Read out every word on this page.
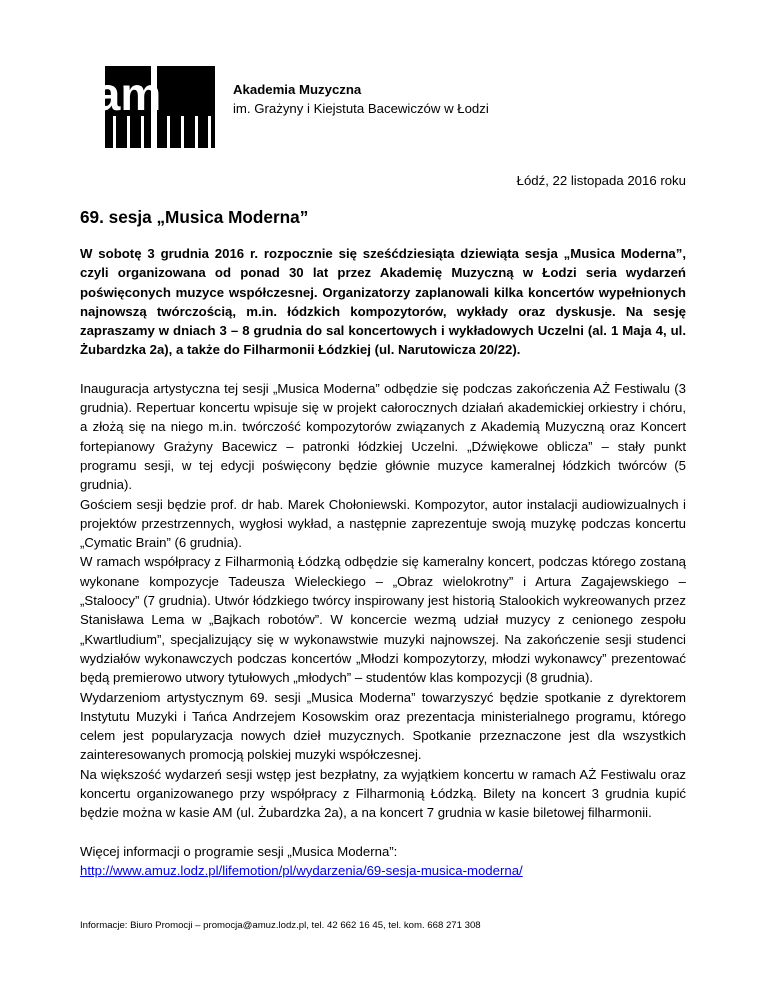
am	Akademia Muzyczna
im. Grażyny i Kiejstuta Bacewiczów w Łodzi
Łódź, 22 listopada 2016 roku
69. sesja „Musica Moderna”

W sobotę 3 grudnia 2016 r. rozpocznie się sześćdziesiąta dziewiąta sesja „Musica Moderna”, czyli organizowana od ponad 30 lat przez Akademię Muzyczną w Łodzi seria wydarzeń poświęconych muzyce współczesnej. Organizatorzy zaplanowali kilka koncertów wypełnionych najnowszą twórczością, m.in. łódzkich kompozytorów, wykłady oraz dyskusje. Na sesję zapraszamy w dniach 3 – 8 grudnia do sal koncertowych i wykładowych Uczelni (al. 1 Maja 4, ul. Żubardzka 2a), a także do Filharmonii Łódzkiej (ul. Narutowicza 20/22).

Inauguracja artystyczna tej sesji „Musica Moderna” odbędzie się podczas zakończenia AŻ Festiwalu (3 grudnia). Repertuar koncertu wpisuje się w projekt całorocznych działań akademickiej orkiestry i chóru, a złożą się na niego m.in. twórczość kompozytorów związanych z Akademią Muzyczną oraz Koncert fortepianowy Grażyny Bacewicz – patronki łódzkiej Uczelni. „Dźwiękowe oblicza” – stały punkt programu sesji, w tej edycji poświęcony będzie głównie muzyce kameralnej łódzkich twórców (5 grudnia).

Gościem sesji będzie prof. dr hab. Marek Chołoniewski. Kompozytor, autor instalacji audiowizualnych i projektów przestrzennych, wygłosi wykład, a następnie zaprezentuje swoją muzykę podczas koncertu „Cymatic Brain” (6 grudnia).

W ramach współpracy z Filharmonią Łódzką odbędzie się kameralny koncert, podczas którego zostaną wykonane kompozycje Tadeusza Wieleckiego – „Obraz wielokrotny” i Artura Zagajewskiego – „Staloocy” (7 grudnia). Utwór łódzkiego twórcy inspirowany jest historią Stalookich wykreowanych przez Stanisława Lema w „Bajkach robotów”. W koncercie wezmą udział muzycy z cenionego zespołu „Kwartludium”, specjalizujący się w wykonawstwie muzyki najnowszej. Na zakończenie sesji studenci wydziałów wykonawczych podczas koncertów „Młodzi kompozytorzy, młodzi wykonawcy” prezentować będą premierowo utwory tytułowych „młodych” – studentów klas kompozycji (8 grudnia).

Wydarzeniom artystycznym 69. sesji „Musica Moderna” towarzyszyć będzie spotkanie z dyrektorem Instytutu Muzyki i Tańca Andrzejem Kosowskim oraz prezentacja ministerialnego programu, którego celem jest popularyzacja nowych dzieł muzycznych. Spotkanie przeznaczone jest dla wszystkich zainteresowanych promocją polskiej muzyki współczesnej.

Na większość wydarzeń sesji wstęp jest bezpłatny, za wyjątkiem koncertu w ramach AŻ Festiwalu oraz koncertu organizowanego przy współpracy z Filharmonią Łódzką. Bilety na koncert 3 grudnia kupić będzie można w kasie AM (ul. Żubardzka 2a), a na koncert 7 grudnia w kasie biletowej filharmonii.

Więcej informacji o programie sesji „Musica Moderna”:
http://www.amuz.lodz.pl/lifemotion/pl/wydarzenia/69-sesja-musica-moderna/
Informacje: Biuro Promocji – promocja@amuz.lodz.pl, tel. 42 662 16 45, tel. kom. 668 271 308
